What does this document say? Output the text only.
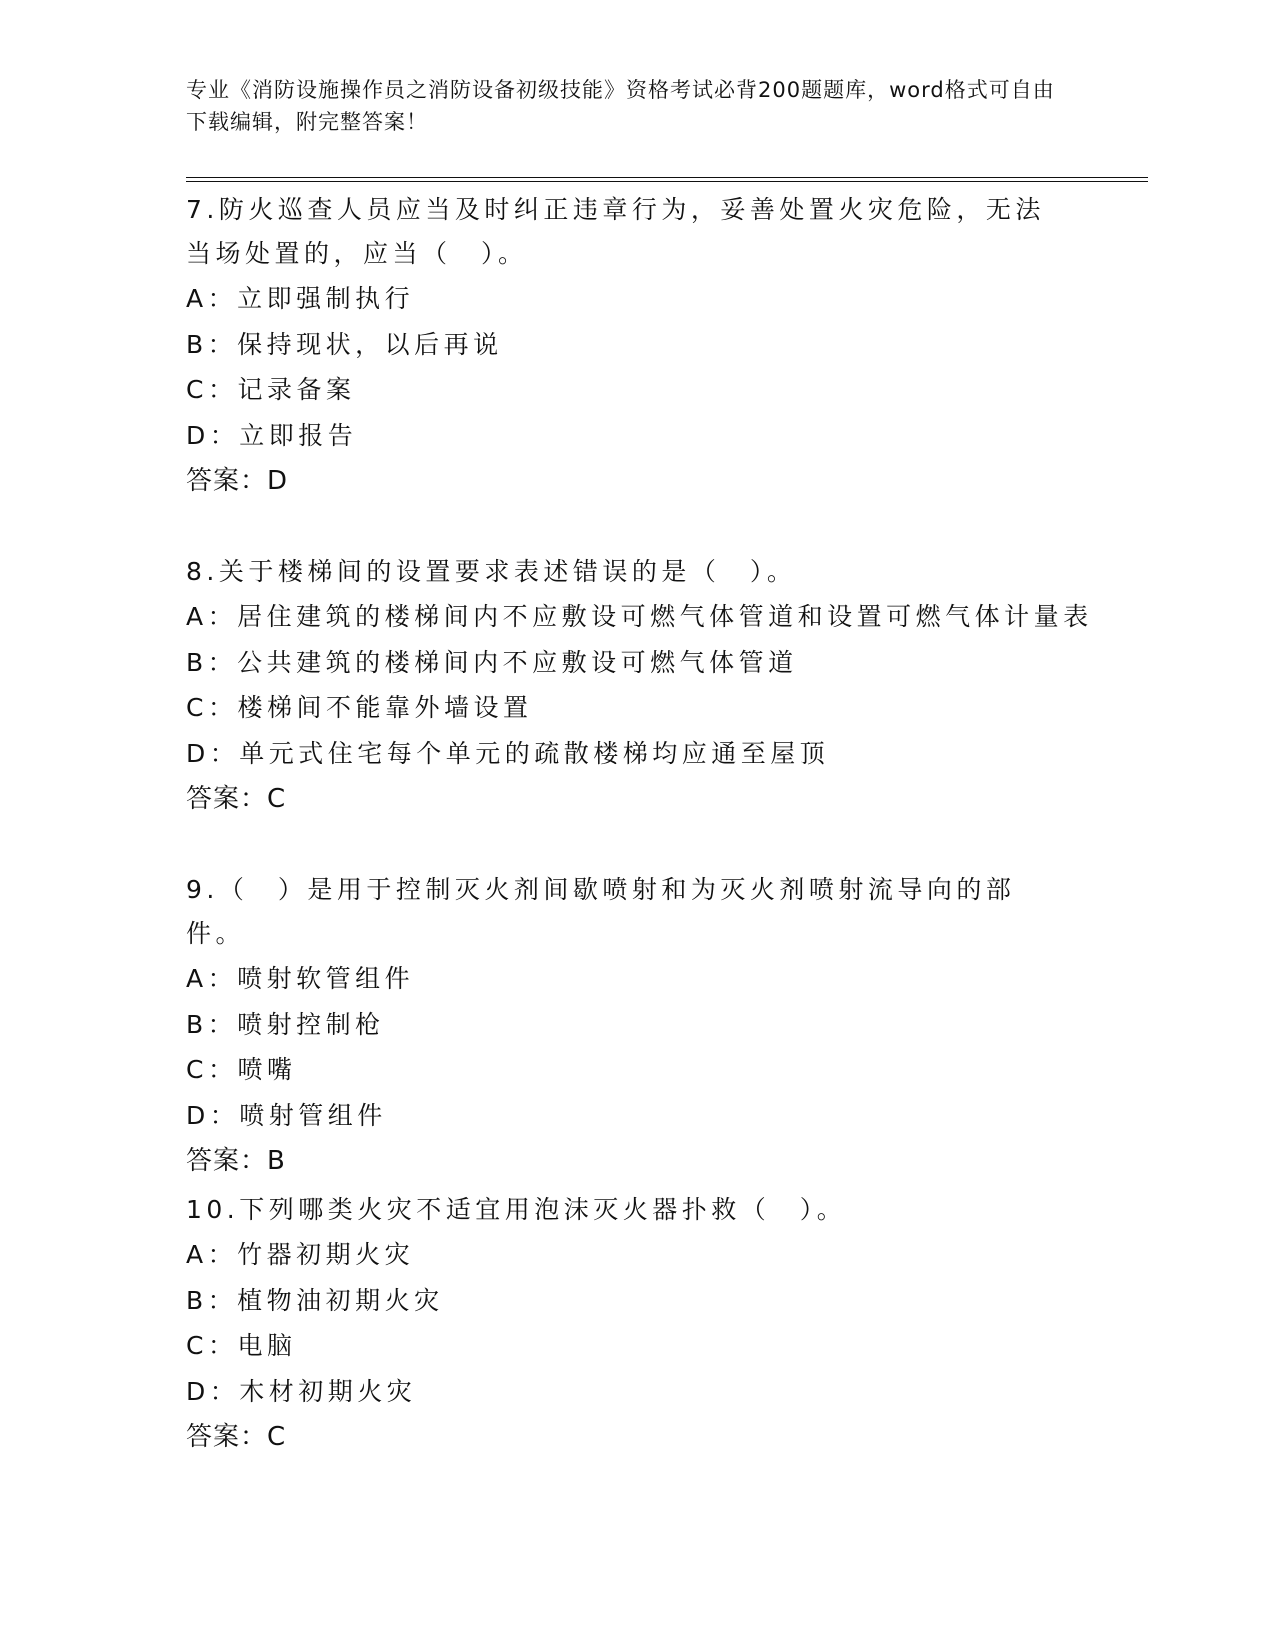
专业《消防设施操作员之消防设备初级技能》资格考试必背200题题库，word格式可自由下载编辑，附完整答案！
7.防火巡查人员应当及时纠正违章行为，妥善处置火灾危险，无法当场处置的，应当（　）。
A：立即强制执行
B：保持现状，以后再说
C：记录备案
D：立即报告
答案：D
8.关于楼梯间的设置要求表述错误的是（　）。
A：居住建筑的楼梯间内不应敷设可燃气体管道和设置可燃气体计量表
B：公共建筑的楼梯间内不应敷设可燃气体管道
C：楼梯间不能靠外墙设置
D：单元式住宅每个单元的疏散楼梯均应通至屋顶
答案：C
9.（　）是用于控制灭火剂间歇喷射和为灭火剂喷射流导向的部件。
A：喷射软管组件
B：喷射控制枪
C：喷嘴
D：喷射管组件
答案：B
10.下列哪类火灾不适宜用泡沫灭火器扑救（　）。
A：竹器初期火灾
B：植物油初期火灾
C：电脑
D：木材初期火灾
答案：C
